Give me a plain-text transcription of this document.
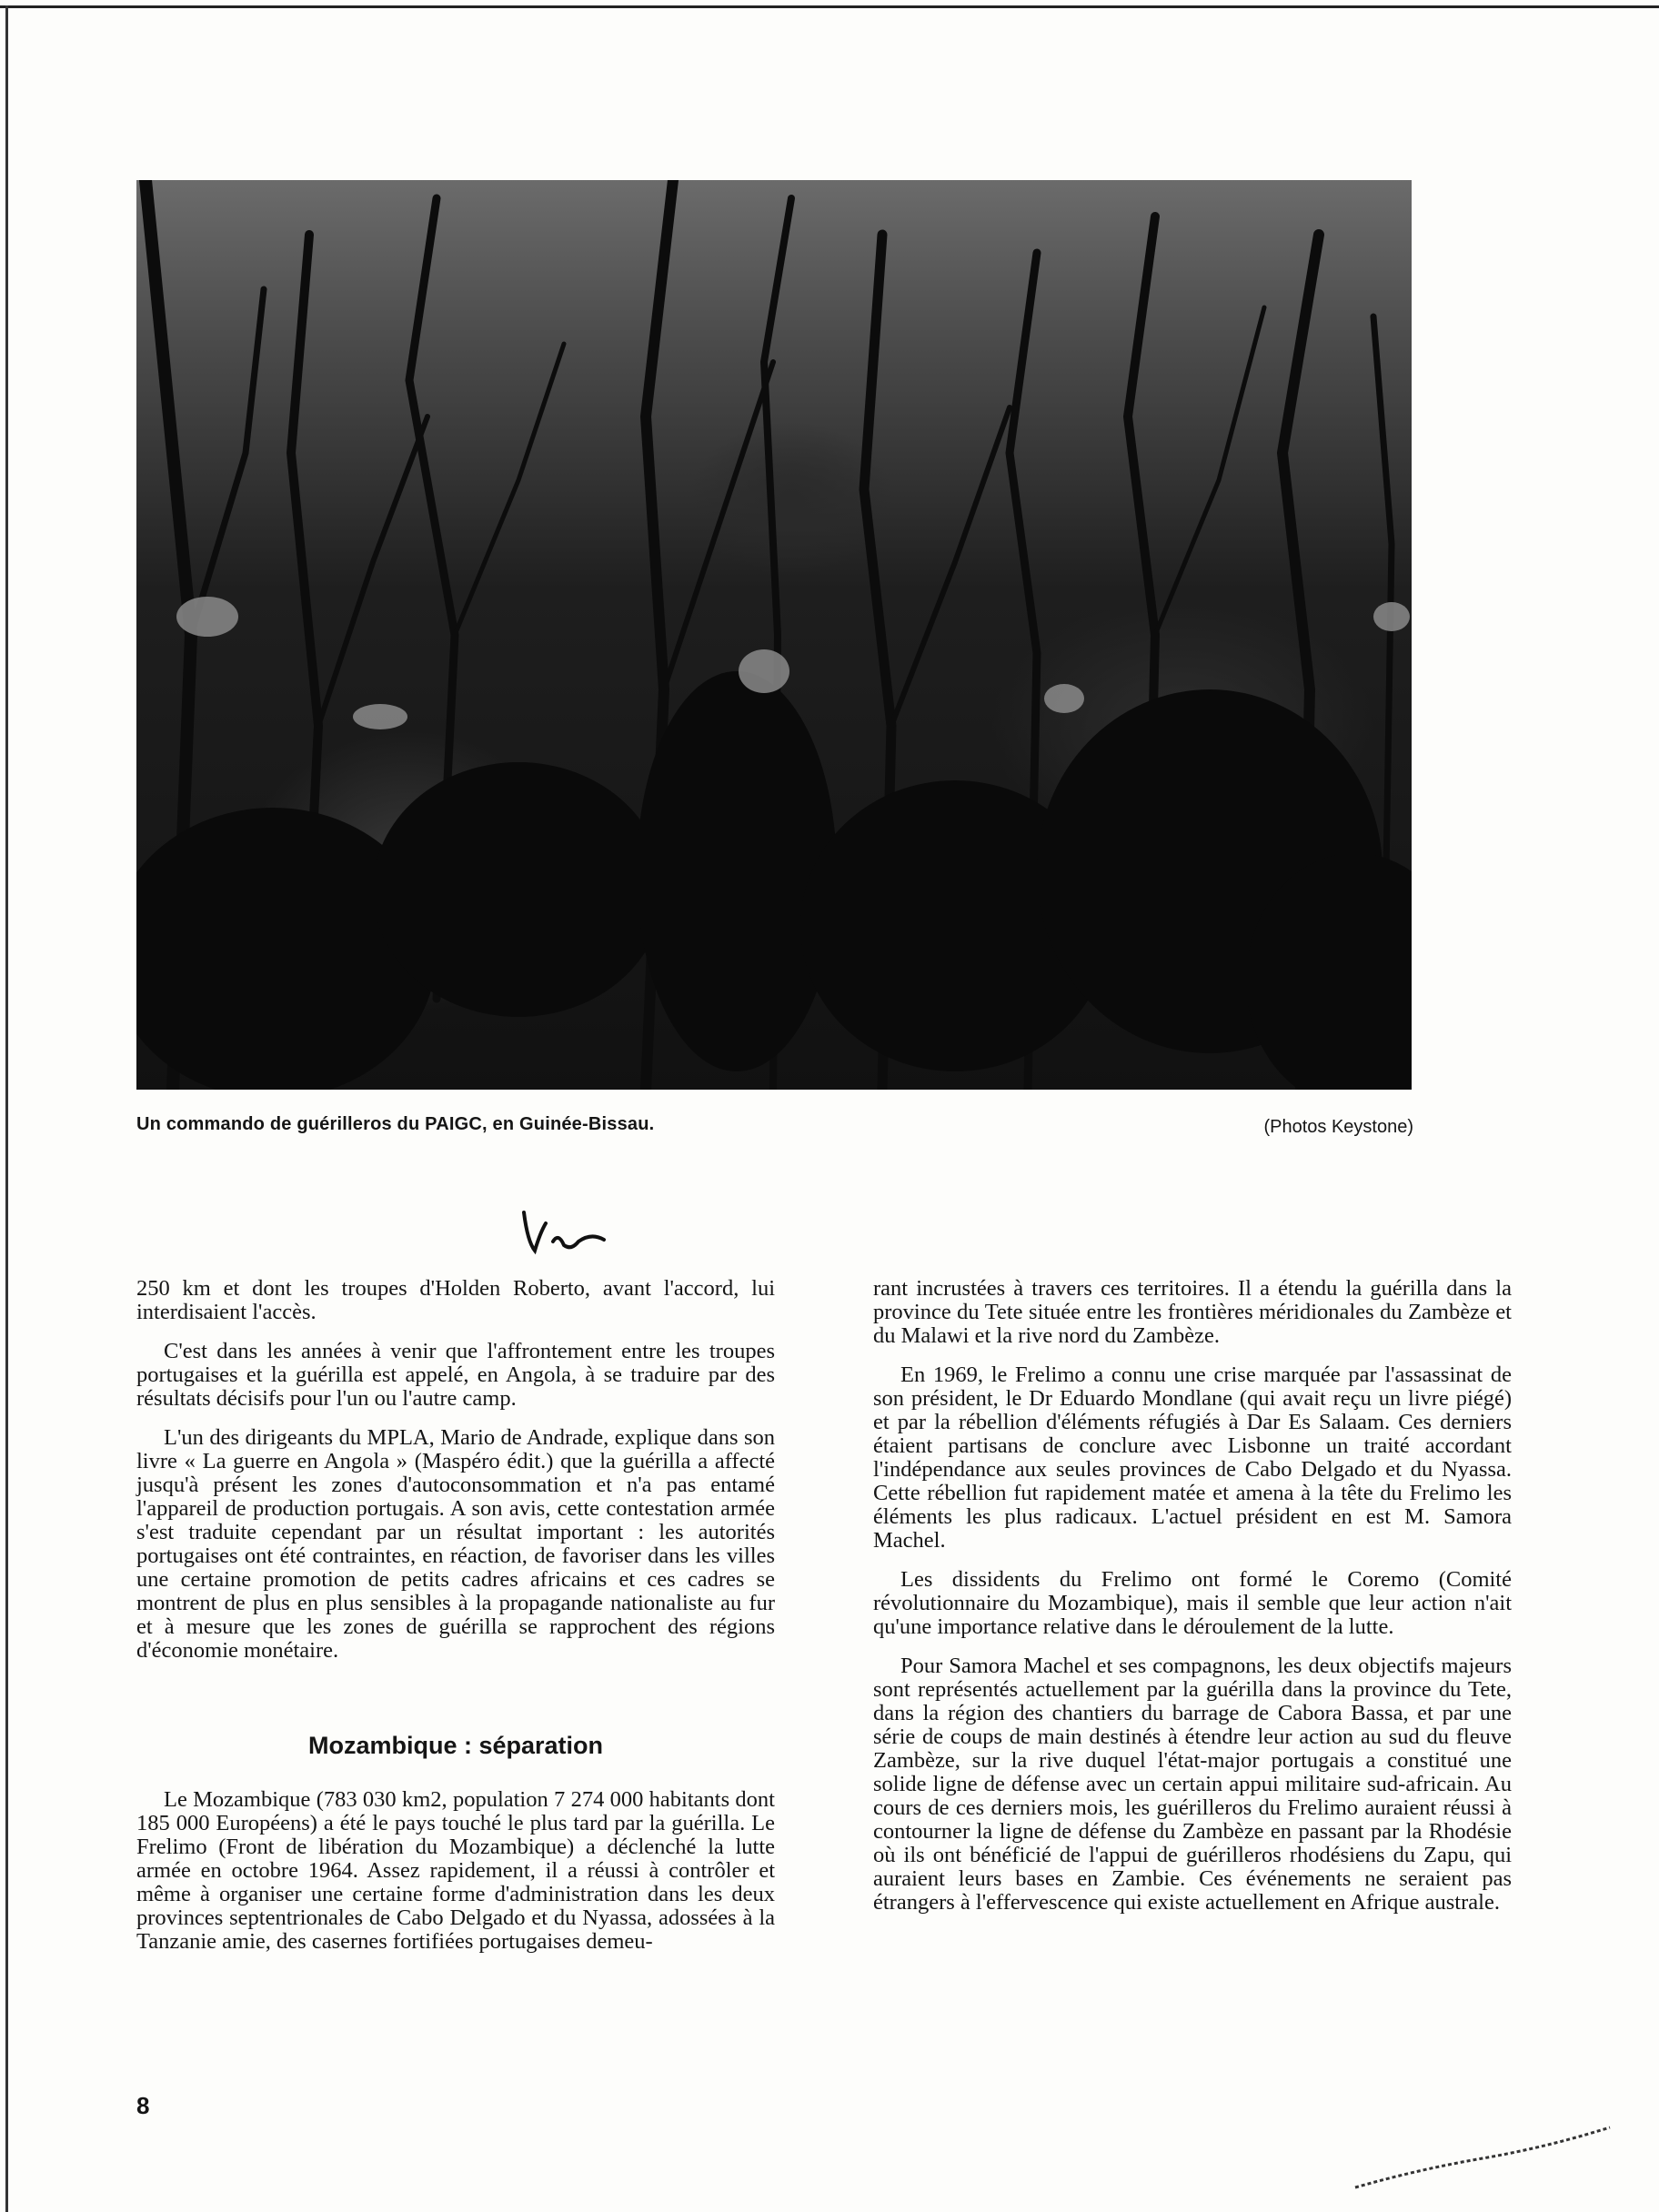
Un commando de guérilleros du PAIGC, en Guinée-Bissau.	(Photos Keystone)

250 km et dont les troupes d'Holden Roberto, avant l'accord, lui interdisaient l'accès.

C'est dans les années à venir que l'affrontement entre les troupes portugaises et la guérilla est appelé, en Angola, à se traduire par des résultats décisifs pour l'un ou l'autre camp.

L'un des dirigeants du MPLA, Mario de Andrade, explique dans son livre « La guerre en Angola » (Maspéro édit.) que la guérilla a affecté jusqu'à présent les zones d'autoconsommation et n'a pas entamé l'appareil de production portugais. A son avis, cette contestation armée s'est traduite cependant par un résultat important : les autorités portugaises ont été contraintes, en réaction, de favoriser dans les villes une certaine promotion de petits cadres africains et ces cadres se montrent de plus en plus sensibles à la propagande nationaliste au fur et à mesure que les zones de guérilla se rapprochent des régions d'économie monétaire.

Mozambique : séparation

Le Mozambique (783 030 km2, population 7 274 000 habitants dont 185 000 Européens) a été le pays touché le plus tard par la guérilla. Le Frelimo (Front de libération du Mozambique) a déclenché la lutte armée en octobre 1964. Assez rapidement, il a réussi à contrôler et même à organiser une certaine forme d'administration dans les deux provinces septentrionales de Cabo Delgado et du Nyassa, adossées à la Tanzanie amie, des casernes fortifiées portugaises demeu-

rant incrustées à travers ces territoires. Il a étendu la guérilla dans la province du Tete située entre les frontières méridionales du Zambèze et du Malawi et la rive nord du Zambèze.

En 1969, le Frelimo a connu une crise marquée par l'assassinat de son président, le Dr Eduardo Mondlane (qui avait reçu un livre piégé) et par la rébellion d'éléments réfugiés à Dar Es Salaam. Ces derniers étaient partisans de conclure avec Lisbonne un traité accordant l'indépendance aux seules provinces de Cabo Delgado et du Nyassa. Cette rébellion fut rapidement matée et amena à la tête du Frelimo les éléments les plus radicaux. L'actuel président en est M. Samora Machel.

Les dissidents du Frelimo ont formé le Coremo (Comité révolutionnaire du Mozambique), mais il semble que leur action n'ait qu'une importance relative dans le déroulement de la lutte.

Pour Samora Machel et ses compagnons, les deux objectifs majeurs sont représentés actuellement par la guérilla dans la province du Tete, dans la région des chantiers du barrage de Cabora Bassa, et par une série de coups de main destinés à étendre leur action au sud du fleuve Zambèze, sur la rive duquel l'état-major portugais a constitué une solide ligne de défense avec un certain appui militaire sud-africain. Au cours de ces derniers mois, les guérilleros du Frelimo auraient réussi à contourner la ligne de défense du Zambèze en passant par la Rhodésie où ils ont bénéficié de l'appui de guérilleros rhodésiens du Zapu, qui auraient leurs bases en Zambie. Ces événements ne seraient pas étrangers à l'effervescence qui existe actuellement en Afrique australe.

8
